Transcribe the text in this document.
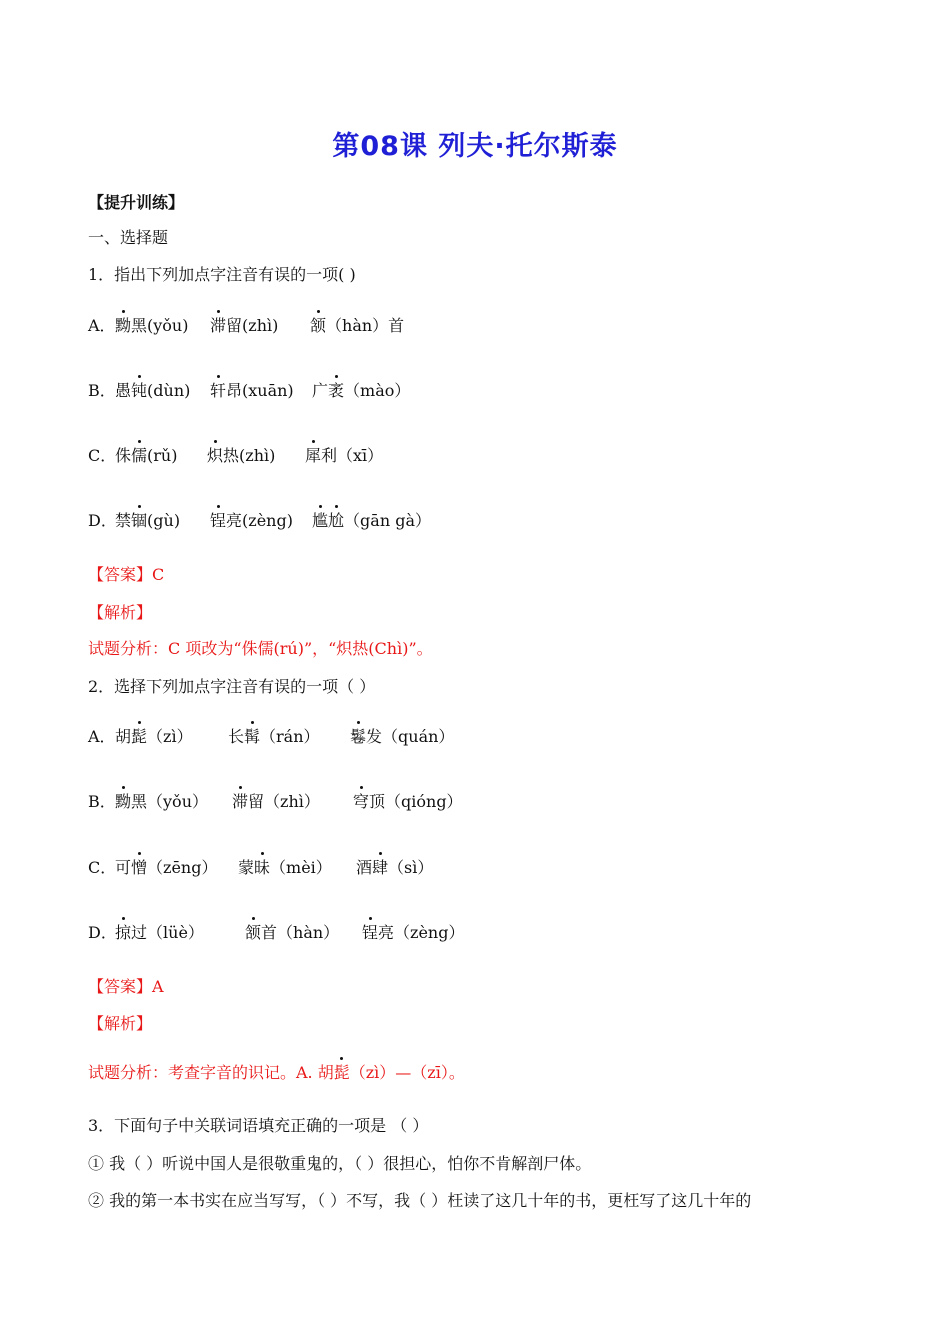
第08课 列夫·托尔斯泰
【提升训练】
一、选择题
1．指出下列加点字注音有误的一项( )
A． 黝黑(yǒu) 滞留(zhì) 颔（hàn）首
B． 愚钝(dùn) 轩昂(xuān) 广袤（mào）
C．
侏儒(rǔ) 炽热(zhì) 犀利（xī）
D．
禁锢(gù) 锃亮(zèng) 尴尬（gān gà）
【答案】C
【解析】
试题分析：C 项改为“侏儒(rú)”，“炽热(Chì)”。
2．选择下列加点字注音有误的一项（ ）
A． 胡髭（zì） 长髯（rán） 鬈发（quán）
B． 黝黑（yǒu） 滞留（zhì） 穹顶（qióng）
C．
可憎（zēng） 蒙昧（mèi） 酒肆（sì）
D．
掠过（lüè）	颔首（hàn） 锃亮（zèng）
【答案】A
【解析】
试题分析：考查字音的识记。A. 胡髭（zì）—（zī）。
3．下面句子中关联词语填充正确的一项是 （ ）
① 我（ ）听说中国人是很敬重鬼的，（ ）很担心，怕你不肯解剖尸体。
② 我的第一本书实在应当写写，（ ）不写，我（ ）枉读了这几十年的书，更枉写了这几十年的
